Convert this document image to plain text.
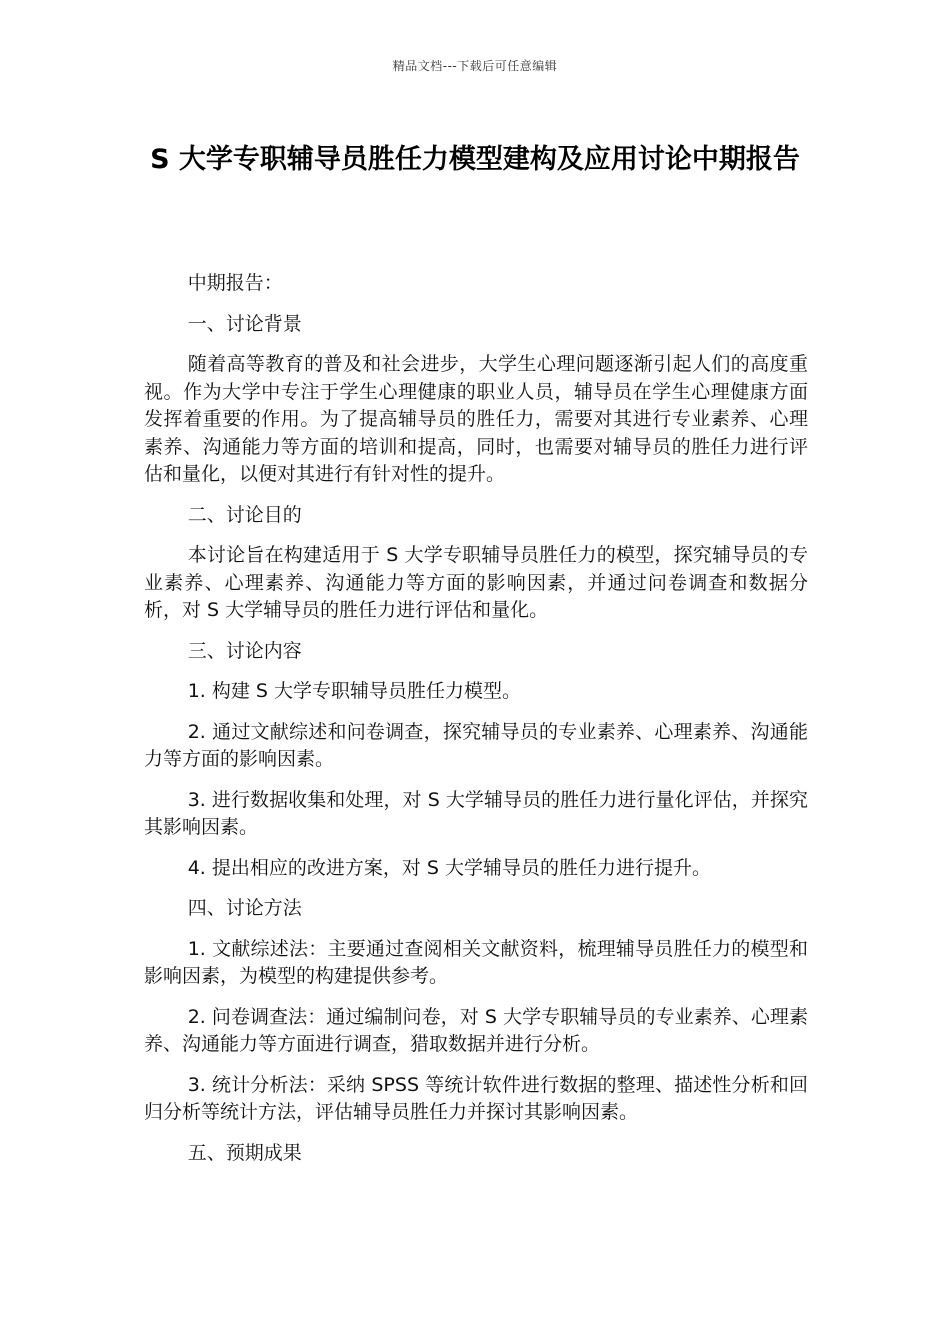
精品文档---下载后可任意编辑
S 大学专职辅导员胜任力模型建构及应用讨论中期报告

中期报告：

一、讨论背景

随着高等教育的普及和社会进步，大学生心理问题逐渐引起人们的高度重视。作为大学中专注于学生心理健康的职业人员，辅导员在学生心理健康方面发挥着重要的作用。为了提高辅导员的胜任力，需要对其进行专业素养、心理素养、沟通能力等方面的培训和提高，同时，也需要对辅导员的胜任力进行评估和量化，以便对其进行有针对性的提升。

二、讨论目的

本讨论旨在构建适用于 S 大学专职辅导员胜任力的模型，探究辅导员的专业素养、心理素养、沟通能力等方面的影响因素，并通过问卷调查和数据分析，对 S 大学辅导员的胜任力进行评估和量化。

三、讨论内容

1. 构建 S 大学专职辅导员胜任力模型。

2. 通过文献综述和问卷调查，探究辅导员的专业素养、心理素养、沟通能力等方面的影响因素。

3. 进行数据收集和处理，对 S 大学辅导员的胜任力进行量化评估，并探究其影响因素。

4. 提出相应的改进方案，对 S 大学辅导员的胜任力进行提升。

四、讨论方法

1. 文献综述法：主要通过查阅相关文献资料，梳理辅导员胜任力的模型和影响因素，为模型的构建提供参考。

2. 问卷调查法：通过编制问卷，对 S 大学专职辅导员的专业素养、心理素养、沟通能力等方面进行调查，猎取数据并进行分析。

3. 统计分析法：采纳 SPSS 等统计软件进行数据的整理、描述性分析和回归分析等统计方法，评估辅导员胜任力并探讨其影响因素。

五、预期成果
